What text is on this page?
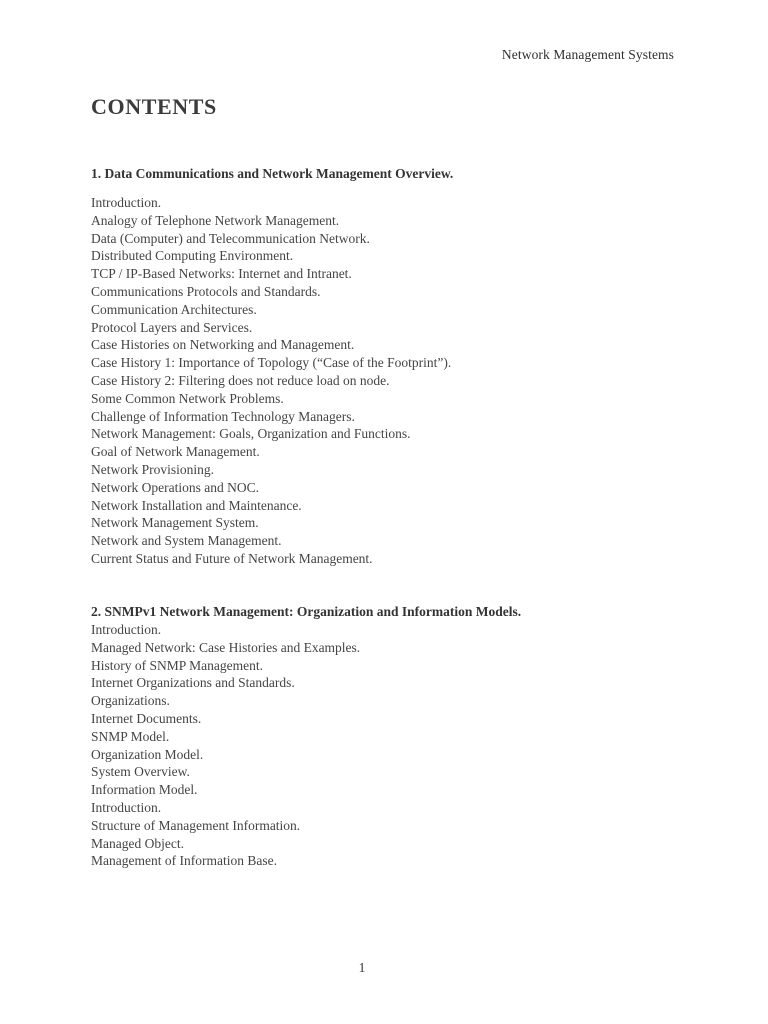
Network Management Systems
CONTENTS
1. Data Communications and Network Management Overview.
Introduction.
Analogy of Telephone Network Management.
Data (Computer) and Telecommunication Network.
Distributed Computing Environment.
TCP / IP-Based Networks: Internet and Intranet.
Communications Protocols and Standards.
Communication Architectures.
Protocol Layers and Services.
Case Histories on Networking and Management.
Case History 1: Importance of Topology (“Case of the Footprint”).
Case History 2: Filtering does not reduce load on node.
Some Common Network Problems.
Challenge of Information Technology Managers.
Network Management: Goals, Organization and Functions.
Goal of Network Management.
Network Provisioning.
Network Operations and NOC.
Network Installation and Maintenance.
Network Management System.
Network and System Management.
Current Status and Future of Network Management.
2. SNMPv1 Network Management: Organization and Information Models.
Introduction.
Managed Network: Case Histories and Examples.
History of SNMP Management.
Internet Organizations and Standards.
Organizations.
Internet Documents.
SNMP Model.
Organization Model.
System Overview.
Information Model.
Introduction.
Structure of Management Information.
Managed Object.
Management of Information Base.
1
